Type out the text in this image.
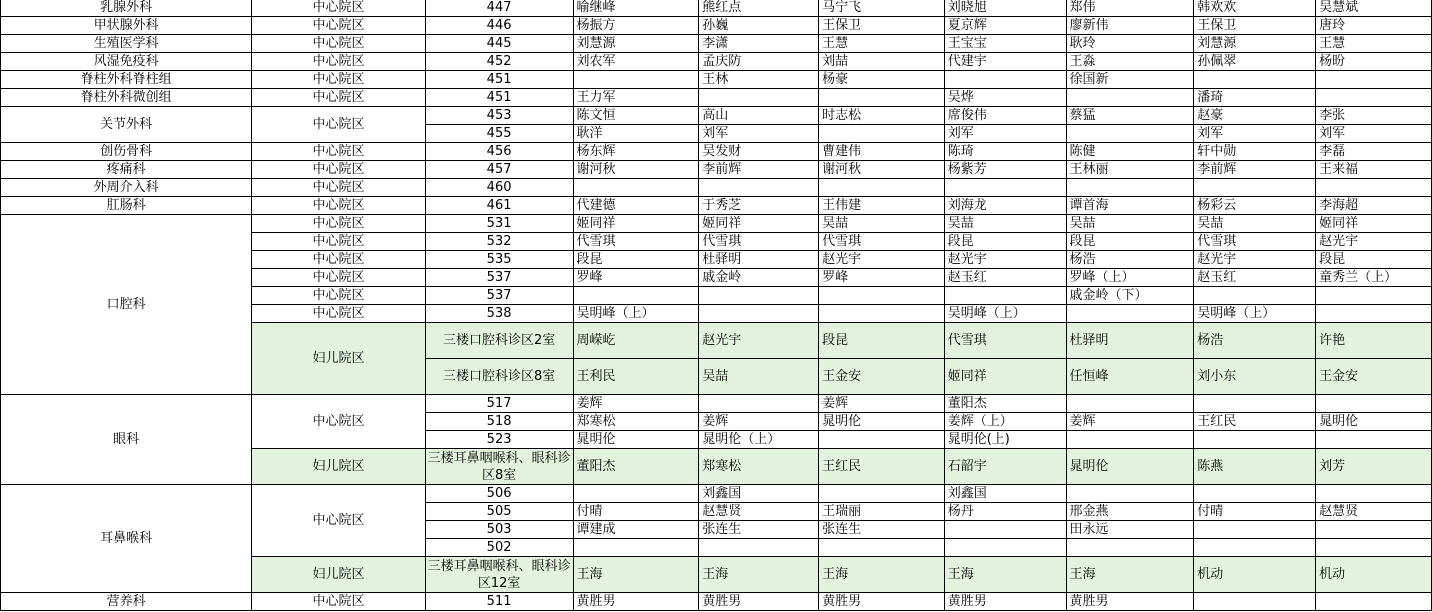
乳腺外科	中心院区	447	喻继峰	熊红点	马宁飞	刘晓旭	郑伟	韩欢欢	吴慧斌
甲状腺外科	中心院区	446	杨振方	孙巍	王保卫	夏京辉	廖新伟	王保卫	唐玲
生殖医学科	中心院区	445	刘慧源	李潇	王慧	王宝宝	耿玲	刘慧源	王慧
风湿免疫科	中心院区	452	刘农军	孟庆防	刘喆	代建宇	王淼	孙佩翠	杨昐
脊柱外科脊柱组	中心院区	451		王林	杨豪		徐国新		
脊柱外科微创组	中心院区	451	王力军			吴烨		潘琦	
关节外科	中心院区	453	陈文恒	高山	时志松	席俊伟	蔡猛	赵豪	李张
		455	耿洋	刘军		刘军		刘军	刘军
创伤骨科	中心院区	456	杨东辉	吴发财	曹建伟	陈琦	陈健	轩中勋	李磊
疼痛科	中心院区	457	谢河秋	李前辉	谢河秋	杨紫芳	王林丽	李前辉	王来福
外周介入科	中心院区	460							
肛肠科	中心院区	461	代建德	于秀芝	王伟建	刘海龙	谭首海	杨彩云	李海超
口腔科	中心院区	531	姬同祥	姬同祥	吴喆	吴喆	吴喆	吴喆	姬同祥
	中心院区	532	代雪琪	代雪琪	代雪琪	段昆	段昆	代雪琪	赵光宇
	中心院区	535	段昆	杜驿明	赵光宇	赵光宇	杨浩	赵光宇	段昆
	中心院区	537	罗峰	戚金岭	罗峰	赵玉红	罗峰（上）	赵玉红	童秀兰（上）
	中心院区	537					戚金岭（下）		
	中心院区	538	吴明峰（上）			吴明峰（上）		吴明峰（上）	
	妇儿院区	三楼口腔科诊区2室	周嵘屹	赵光宇	段昆	代雪琪	杜驿明	杨浩	许艳
		三楼口腔科诊区8室	王利民	吴喆	王金安	姬同祥	任恒峰	刘小东	王金安
眼科	中心院区	517	姜辉		姜辉	董阳杰			
		518	郑寒松	姜辉	晁明伦	姜辉（上）	姜辉	王红民	晁明伦
		523	晁明伦	晁明伦（上）		晁明伦(上)			
	妇儿院区	三楼耳鼻咽喉科、眼科诊区8室	董阳杰	郑寒松	王红民	石韶宇	晁明伦	陈燕	刘芳
耳鼻喉科	中心院区	506		刘鑫国		刘鑫国			
		505	付晴	赵慧贤	王瑞丽	杨丹	邢金燕	付晴	赵慧贤
		503	谭建成	张连生	张连生		田永远		
		502							
	妇儿院区	三楼耳鼻咽喉科、眼科诊区12室	王海	王海	王海	王海	王海	机动	机动
营养科	中心院区	511	黄胜男	黄胜男	黄胜男	黄胜男	黄胜男		
